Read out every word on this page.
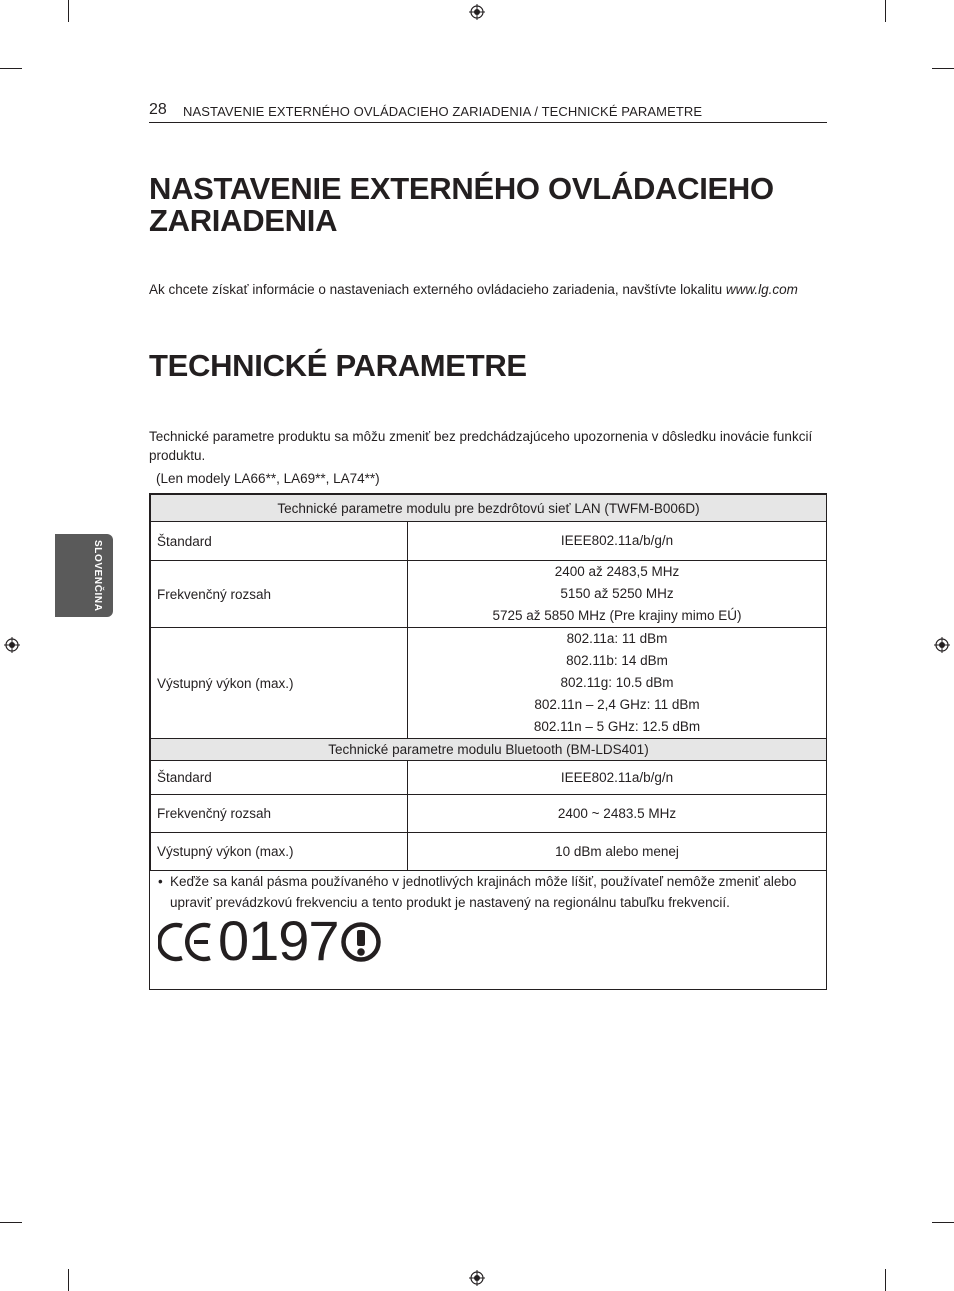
28 NASTAVENIE EXTERNÉHO OVLÁDACIEHO ZARIADENIA / TECHNICKÉ PARAMETRE
SLOVENČINA
NASTAVENIE EXTERNÉHO OVLÁDACIEHO ZARIADENIA

Ak chcete získať informácie o nastaveniach externého ovládacieho zariadenia, navštívte lokalitu www.lg.com

TECHNICKÉ PARAMETRE

Technické parametre produktu sa môžu zmeniť bez predchádzajúceho upozornenia v dôsledku inovácie funkcií produktu.

(Len modely LA66**, LA69**, LA74**)
Technické parametre modulu pre bezdrôtovú sieť LAN (TWFM-B006D)	
Štandard	IEEE802.11a/b/g/n

Frekvenčný rozsah	2400 až 2483,5 MHz
5150 až 5250 MHz
5725 až 5850 MHz (Pre krajiny mimo EÚ)

Výstupný výkon (max.)	802.11a: 11 dBm
802.11b: 14 dBm
802.11g: 10.5 dBm
802.11n – 2,4 GHz: 11 dBm
802.11n – 5 GHz: 12.5 dBm

Technické parametre modulu Bluetooth (BM-LDS401)	
Štandard	IEEE802.11a/b/g/n

Frekvenčný rozsah	2400 ~ 2483.5 MHz

Výstupný výkon (max.)	10 dBm alebo menej
• Keďže sa kanál pásma používaného v jednotlivých krajinách môže líšiť, používateľ nemôže zmeniť alebo upraviť prevádzkovú frekvenciu a tento produkt je nastavený na regionálnu tabuľku frekvencií.
0197
